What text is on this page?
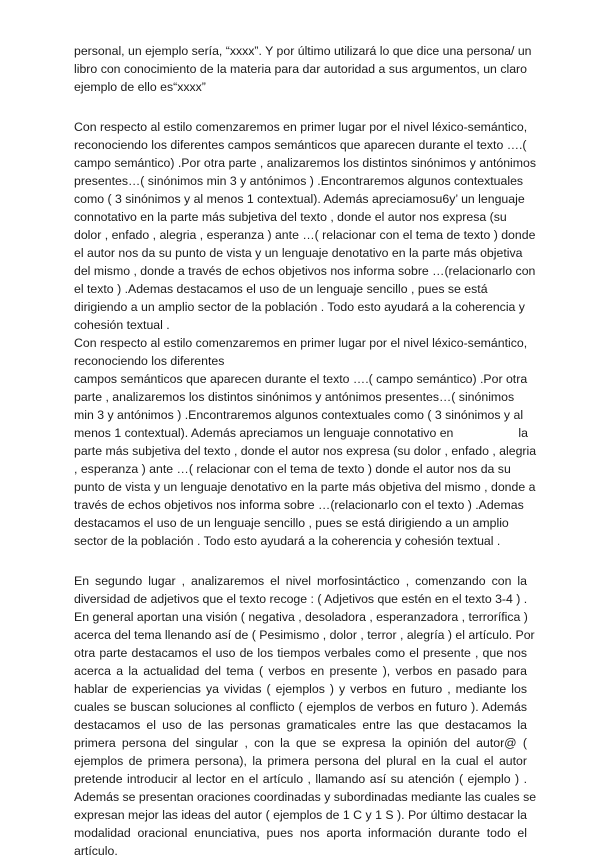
personal, un ejemplo sería, “xxxx”. Y por último utilizará lo que dice una persona/ un
libro con conocimiento de la materia para dar autoridad a sus argumentos, un claro
ejemplo de ello es“xxxx”
Con respecto al estilo comenzaremos en primer lugar por el nivel léxico-semántico,
reconociendo los diferentes campos semánticos que aparecen durante el texto ….(
campo semántico) .Por otra parte , analizaremos los distintos sinónimos y antónimos
presentes…( sinónimos min 3 y antónimos ) .Encontraremos algunos contextuales
como ( 3 sinónimos y al menos 1 contextual). Además apreciamosu6y’ un lenguaje
connotativo en la parte más subjetiva del texto , donde el autor nos expresa (su
dolor , enfado , alegria , esperanza ) ante …( relacionar con el tema de texto ) donde
el autor nos da su punto de vista y un lenguaje denotativo en la parte más objetiva
del mismo , donde a través de echos objetivos nos informa sobre …(relacionarlo con
el texto ) .Ademas destacamos el uso de un lenguaje sencillo , pues se está
dirigiendo a un amplio sector de la población . Todo esto ayudará a la coherencia y
cohesión textual .
Con respecto al estilo comenzaremos en primer lugar por el nivel léxico-semántico,
reconociendo los diferentes
campos semánticos que aparecen durante el texto ….( campo semántico) .Por otra
parte , analizaremos los distintos sinónimos y antónimos presentes…( sinónimos
min 3 y antónimos ) .Encontraremos algunos contextuales como ( 3 sinónimos y al
menos 1 contextual). Además apreciamos un lenguaje connotativo en	la
parte más subjetiva del texto , donde el autor nos expresa (su dolor , enfado , alegria
, esperanza ) ante …( relacionar con el tema de texto ) donde el autor nos da su
punto de vista y un lenguaje denotativo en la parte más objetiva del mismo , donde a
través de echos objetivos nos informa sobre …(relacionarlo con el texto ) .Ademas
destacamos el uso de un lenguaje sencillo , pues se está dirigiendo a un amplio
sector de la población . Todo esto ayudará a la coherencia y cohesión textual .
En segundo lugar , analizaremos el nivel morfosintáctico , comenzando con la
diversidad de adjetivos que el texto recoge : ( Adjetivos que estén en el texto 3-4 ) .
En general aportan una visión ( negativa , desoladora , esperanzadora , terrorífica )
acerca del tema llenando así de ( Pesimismo , dolor , terror , alegría ) el artículo. Por
otra parte destacamos el uso de los tiempos verbales como el presente , que nos
acerca a la actualidad del tema ( verbos en presente ), verbos en pasado para
hablar de experiencias ya vividas ( ejemplos ) y verbos en futuro , mediante los
cuales se buscan soluciones al conflicto ( ejemplos de verbos en futuro ). Además
destacamos el uso de las personas gramaticales entre las que destacamos la
primera persona del singular , con la que se expresa la opinión del autor@ (
ejemplos de primera persona), la primera persona del plural en la cual el autor
pretende introducir al lector en el artículo , llamando así su atención ( ejemplo ) .
Además se presentan oraciones coordinadas y subordinadas mediante las cuales se
expresan mejor las ideas del autor ( ejemplos de 1 C y 1 S ). Por último destacar la
modalidad oracional enunciativa, pues nos aporta información durante todo el
artículo.
